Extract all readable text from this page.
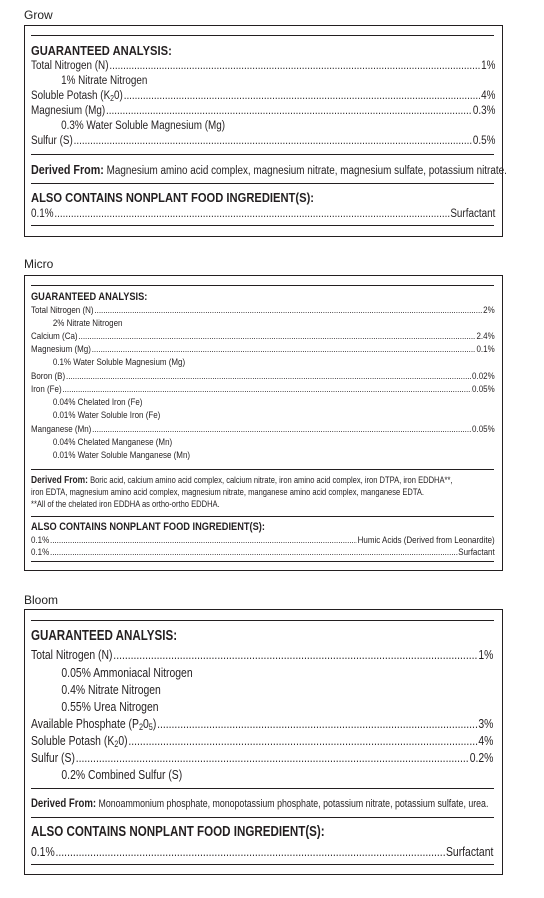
Grow
GUARANTEED ANALYSIS:
Total Nitrogen (N) .....	1%
1% Nitrate Nitrogen
Soluble Potash $(K_20)$ .....	4%
Magnesium (Mg) .....	0.3%
0.3% Water Soluble Magnesium (Mg)
Sulfur (S) .....	0.5%
Derived From: Magnesium amino acid complex, magnesium nitrate, magnesium sulfate, potassium nitrate.
ALSO CONTAINS NONPLANT FOOD INGREDIENT(S):
0.1% .....	Surfactant
Micro
GUARANTEED ANALYSIS:
Total Nitrogen (N) .....	2%
2% Nitrate Nitrogen
Calcium (Ca) .....	2.4%
Magnesium (Mg) .....	0.1%
0.1% Water Soluble Magnesium (Mg)
Boron (B) .....	0.02%
Iron (Fe) .....	0.05%
0.04% Chelated Iron (Fe)
0.01% Water Soluble Iron (Fe)
Manganese (Mn) .....	0.05%
0.04% Chelated Manganese (Mn)
0.01% Water Soluble Manganese (Mn)
Derived From: Boric acid, calcium amino acid complex, calcium nitrate, iron amino acid complex, iron DTPA, iron EDDHA**,
iron EDTA, magnesium amino acid complex, magnesium nitrate, manganese amino acid complex, manganese EDTA.
**All of the chelated iron EDDHA as ortho-ortho EDDHA.
ALSO CONTAINS NONPLANT FOOD INGREDIENT(S):
0.1% .....	Humic Acids (Derived from Leonardite)
0.1% .....	Surfactant
Bloom
GUARANTEED ANALYSIS:
Total Nitrogen (N) .....	1%
0.05% Ammoniacal Nitrogen
0.4% Nitrate Nitrogen
0.55% Urea Nitrogen
Available Phosphate $(P_20_5)$ .....	3%
Soluble Potash $(K_20)$ .....	4%
Sulfur (S) .....	0.2%
0.2% Combined Sulfur (S)
Derived From: Monoammonium phosphate, monopotassium phosphate, potassium nitrate, potassium sulfate, urea.
ALSO CONTAINS NONPLANT FOOD INGREDIENT(S):
0.1% .....	Surfactant
